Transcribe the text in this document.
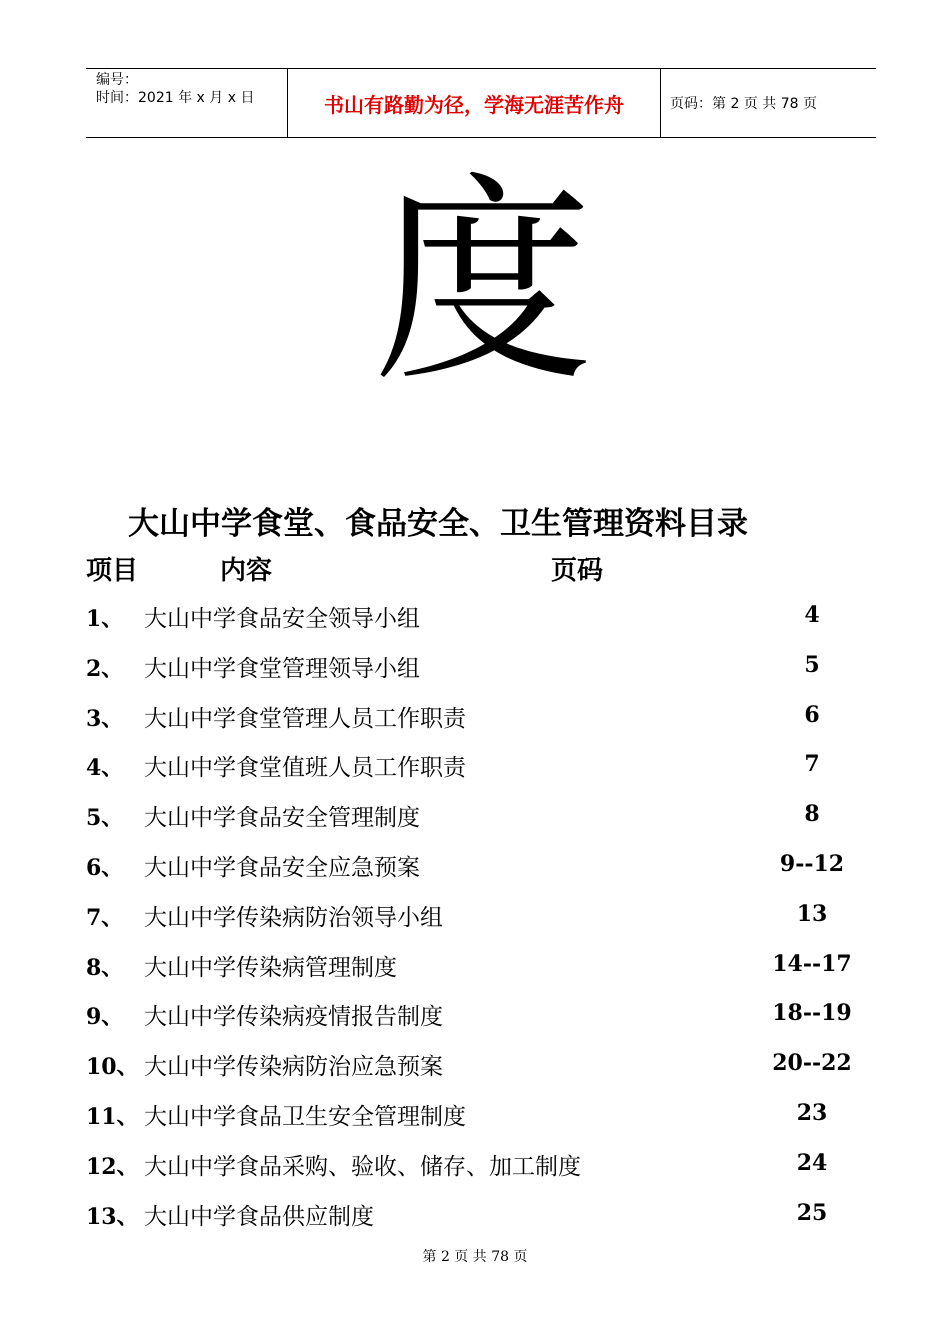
编号：
时间：2021 年 x 月 x 日	书山有路勤为径，学海无涯苦作舟	页码：第 2 页 共 78 页
度
大山中学食堂、食品安全、卫生管理资料目录
项目	内容	页码
1、 大山中学食品安全领导小组	4
2、 大山中学食堂管理领导小组	5
3、 大山中学食堂管理人员工作职责	6
4、 大山中学食堂值班人员工作职责	7
5、 大山中学食品安全管理制度	8
6、 大山中学食品安全应急预案	9--12
7、 大山中学传染病防治领导小组	13
8、 大山中学传染病管理制度	14--17
9、 大山中学传染病疫情报告制度	18--19
10、 大山中学传染病防治应急预案	20--22
11、 大山中学食品卫生安全管理制度	23
12、 大山中学食品采购、验收、储存、加工制度	24
13、 大山中学食品供应制度	25
第 2 页 共 78 页
